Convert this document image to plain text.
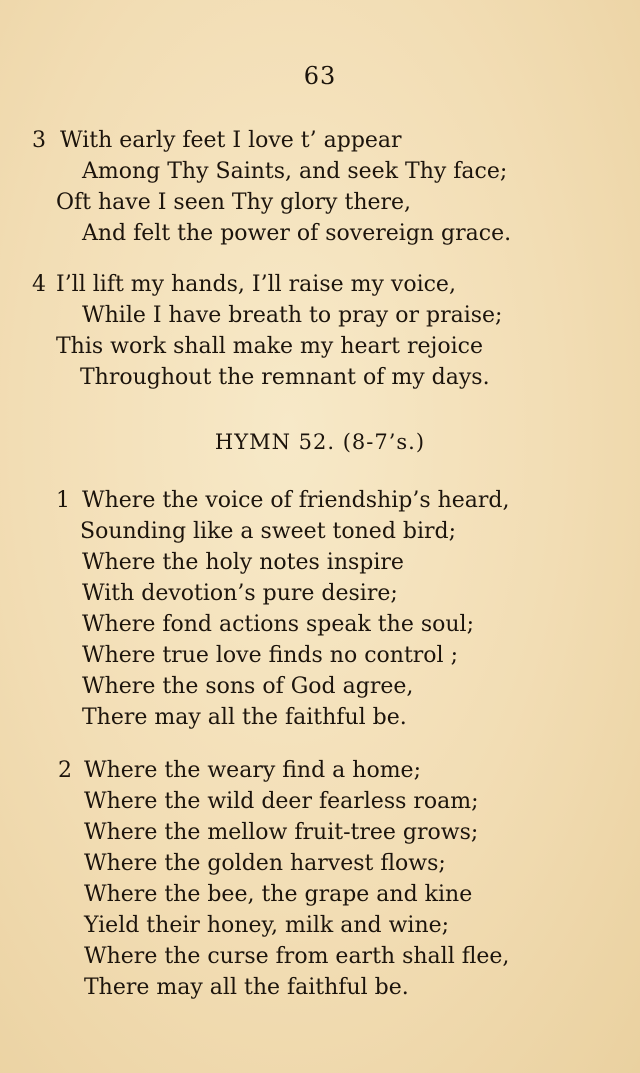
63
3 With early feet I love t’ appear
Among Thy Saints, and seek Thy face;
Oft have I seen Thy glory there,
And felt the power of sovereign grace.
4 I’ll lift my hands, I’ll raise my voice,
While I have breath to pray or praise;
This work shall make my heart rejoice
Throughout the remnant of my days.
HYMN 52. (8-7’s.)
1 Where the voice of friendship’s heard,
Sounding like a sweet toned bird;
Where the holy notes inspire
With devotion’s pure desire;
Where fond actions speak the soul;
Where true love finds no control ;
Where the sons of God agree,
There may all the faithful be.
2 Where the weary find a home;
Where the wild deer fearless roam;
Where the mellow fruit-tree grows;
Where the golden harvest flows;
Where the bee, the grape and kine
Yield their honey, milk and wine;
Where the curse from earth shall flee,
There may all the faithful be.
